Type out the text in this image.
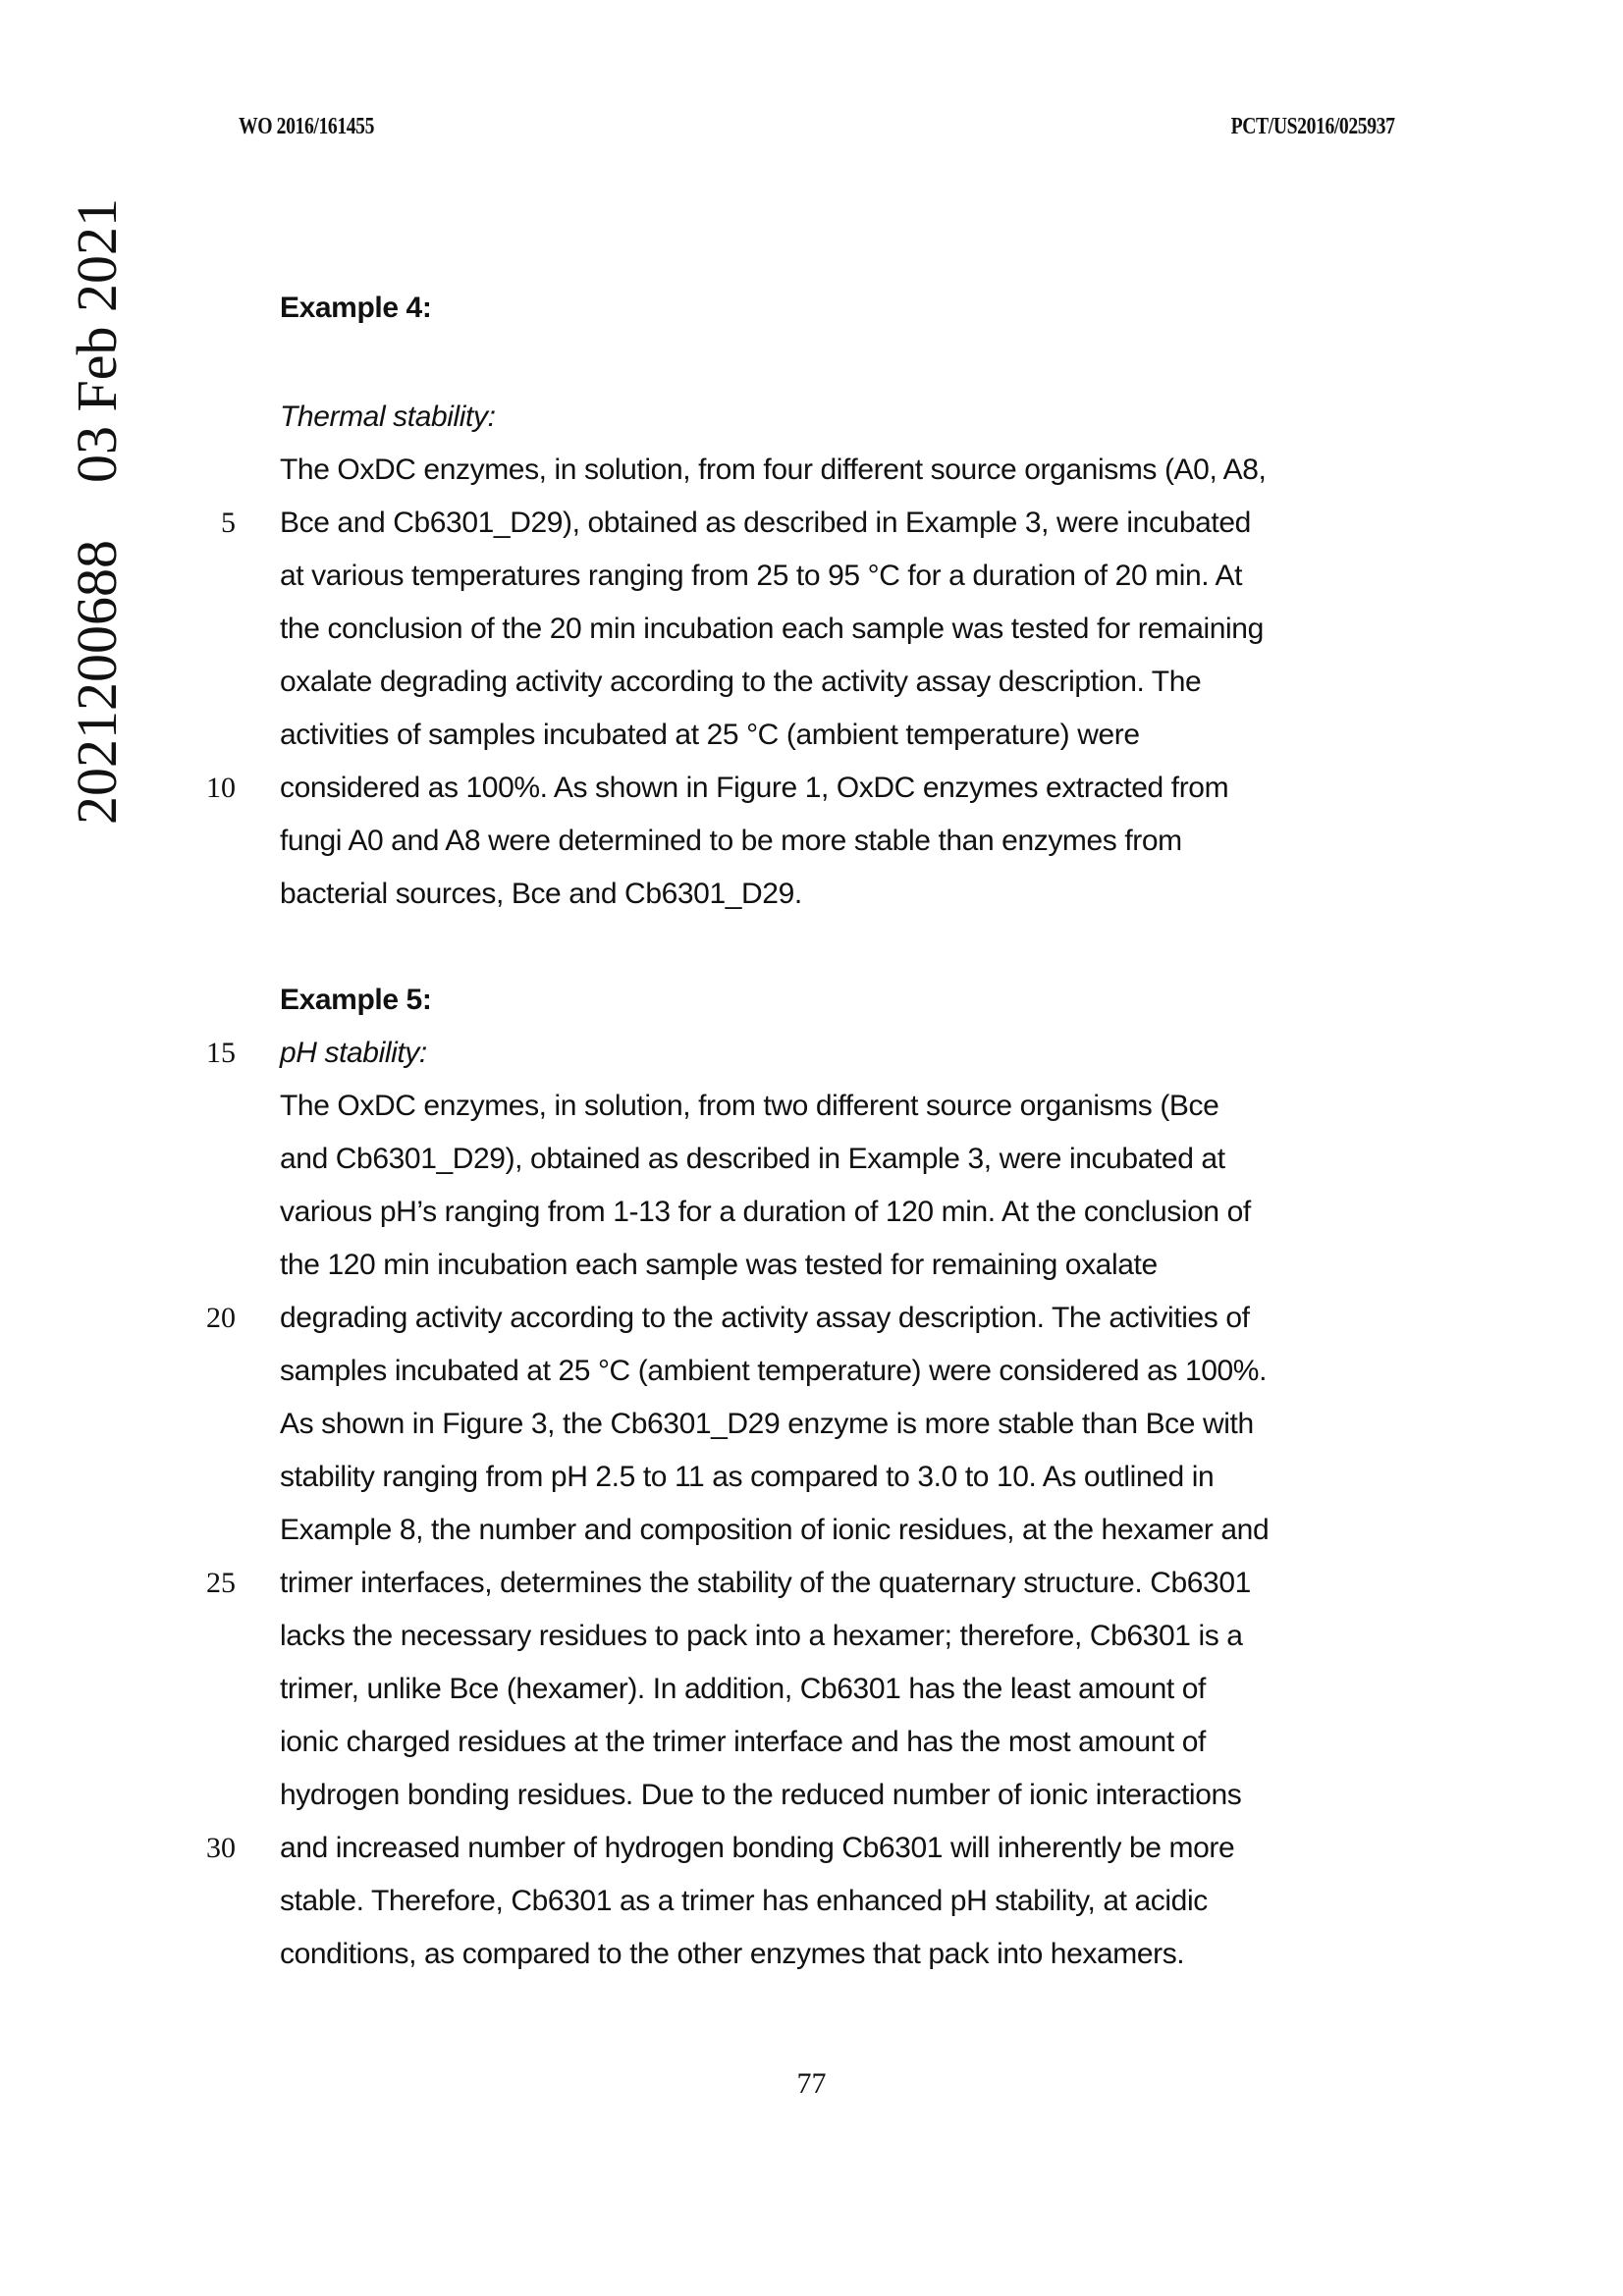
WO 2016/161455	PCT/US2016/025937
2021200688    03 Feb 2021	Example 4:
Thermal stability:
The OxDC enzymes, in solution, from four different source organisms (A0, A8,
Bce and Cb6301_D29), obtained as described in Example 3, were incubated
at various temperatures ranging from 25 to 95 °C for a duration of 20 min. At
the conclusion of the 20 min incubation each sample was tested for remaining
oxalate degrading activity according to the activity assay description. The
activities of samples incubated at 25 °C (ambient temperature) were
considered as 100%. As shown in Figure 1, OxDC enzymes extracted from
fungi A0 and A8 were determined to be more stable than enzymes from
bacterial sources, Bce and Cb6301_D29.
Example 5:
pH stability:
The OxDC enzymes, in solution, from two different source organisms (Bce
and Cb6301_D29), obtained as described in Example 3, were incubated at
various pH’s ranging from 1-13 for a duration of 120 min. At the conclusion of
the 120 min incubation each sample was tested for remaining oxalate
degrading activity according to the activity assay description. The activities of
samples incubated at 25 °C (ambient temperature) were considered as 100%.
As shown in Figure 3, the Cb6301_D29 enzyme is more stable than Bce with
stability ranging from pH 2.5 to 11 as compared to 3.0 to 10. As outlined in
Example 8, the number and composition of ionic residues, at the hexamer and
trimer interfaces, determines the stability of the quaternary structure. Cb6301
lacks the necessary residues to pack into a hexamer; therefore, Cb6301 is a
trimer, unlike Bce (hexamer). In addition, Cb6301 has the least amount of
ionic charged residues at the trimer interface and has the most amount of
hydrogen bonding residues. Due to the reduced number of ionic interactions
and increased number of hydrogen bonding Cb6301 will inherently be more
stable. Therefore, Cb6301 as a trimer has enhanced pH stability, at acidic
conditions, as compared to the other enzymes that pack into hexamers.
5
10
15
20
25
30
77
